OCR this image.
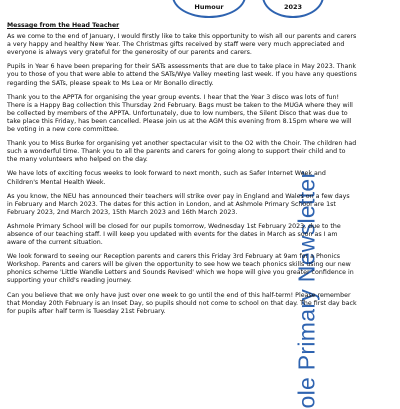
Humour	2023
ole Primary Newsletter

Message from the Head Teacher

As we come to the end of January, I would firstly like to take this opportunity to wish all our parents and carers a very happy and healthy New Year. The Christmas gifts received by staff were very much appreciated and everyone is always very grateful for the generosity of our parents and carers.

Pupils in Year 6 have been preparing for their SATs assessments that are due to take place in May 2023. Thank you to those of you that were able to attend the SATs/Wye Valley meeting last week. If you have any questions regarding the SATs, please speak to Ms Lea or Mr Bonallo directly.

Thank you to the APPTA for organising the year group events. I hear that the Year 3 disco was lots of fun! There is a Happy Bag collection this Thursday 2nd February. Bags must be taken to the MUGA where they will be collected by members of the APPTA. Unfortunately, due to low numbers, the Silent Disco that was due to take place this Friday, has been cancelled. Please join us at the AGM this evening from 8.15pm where we will be voting in a new core committee.

Thank you to Miss Burke for organising yet another spectacular visit to the O2 with the Choir. The children had such a wonderful time. Thank you to all the parents and carers for going along to support their child and to the many volunteers who helped on the day.

We have lots of exciting focus weeks to look forward to next month, such as Safer Internet Week and Children's Mental Health Week.

As you know, the NEU has announced their teachers will strike over pay in England and Wales on a few days in February and March 2023. The dates for this action in London, and at Ashmole Primary School are 1st February 2023, 2nd March 2023, 15th March 2023 and 16th March 2023.

Ashmole Primary School will be closed for our pupils tomorrow, Wednesday 1st February 2023, due to the absence of our teaching staff. I will keep you updated with events for the dates in March as soon as I am aware of the current situation.

We look forward to seeing our Reception parents and carers this Friday 3rd February at 9am for a Phonics Workshop. Parents and carers will be given the opportunity to see how we teach phonics skills using our new phonics scheme 'Little Wandle Letters and Sounds Revised' which we hope will give you greater confidence in supporting your child's reading journey.

Can you believe that we only have just over one week to go until the end of this half-term! Please remember that Monday 20th February is an Inset Day, so pupils should not come to school on that day. The first day back for pupils after half term is Tuesday 21st February.
